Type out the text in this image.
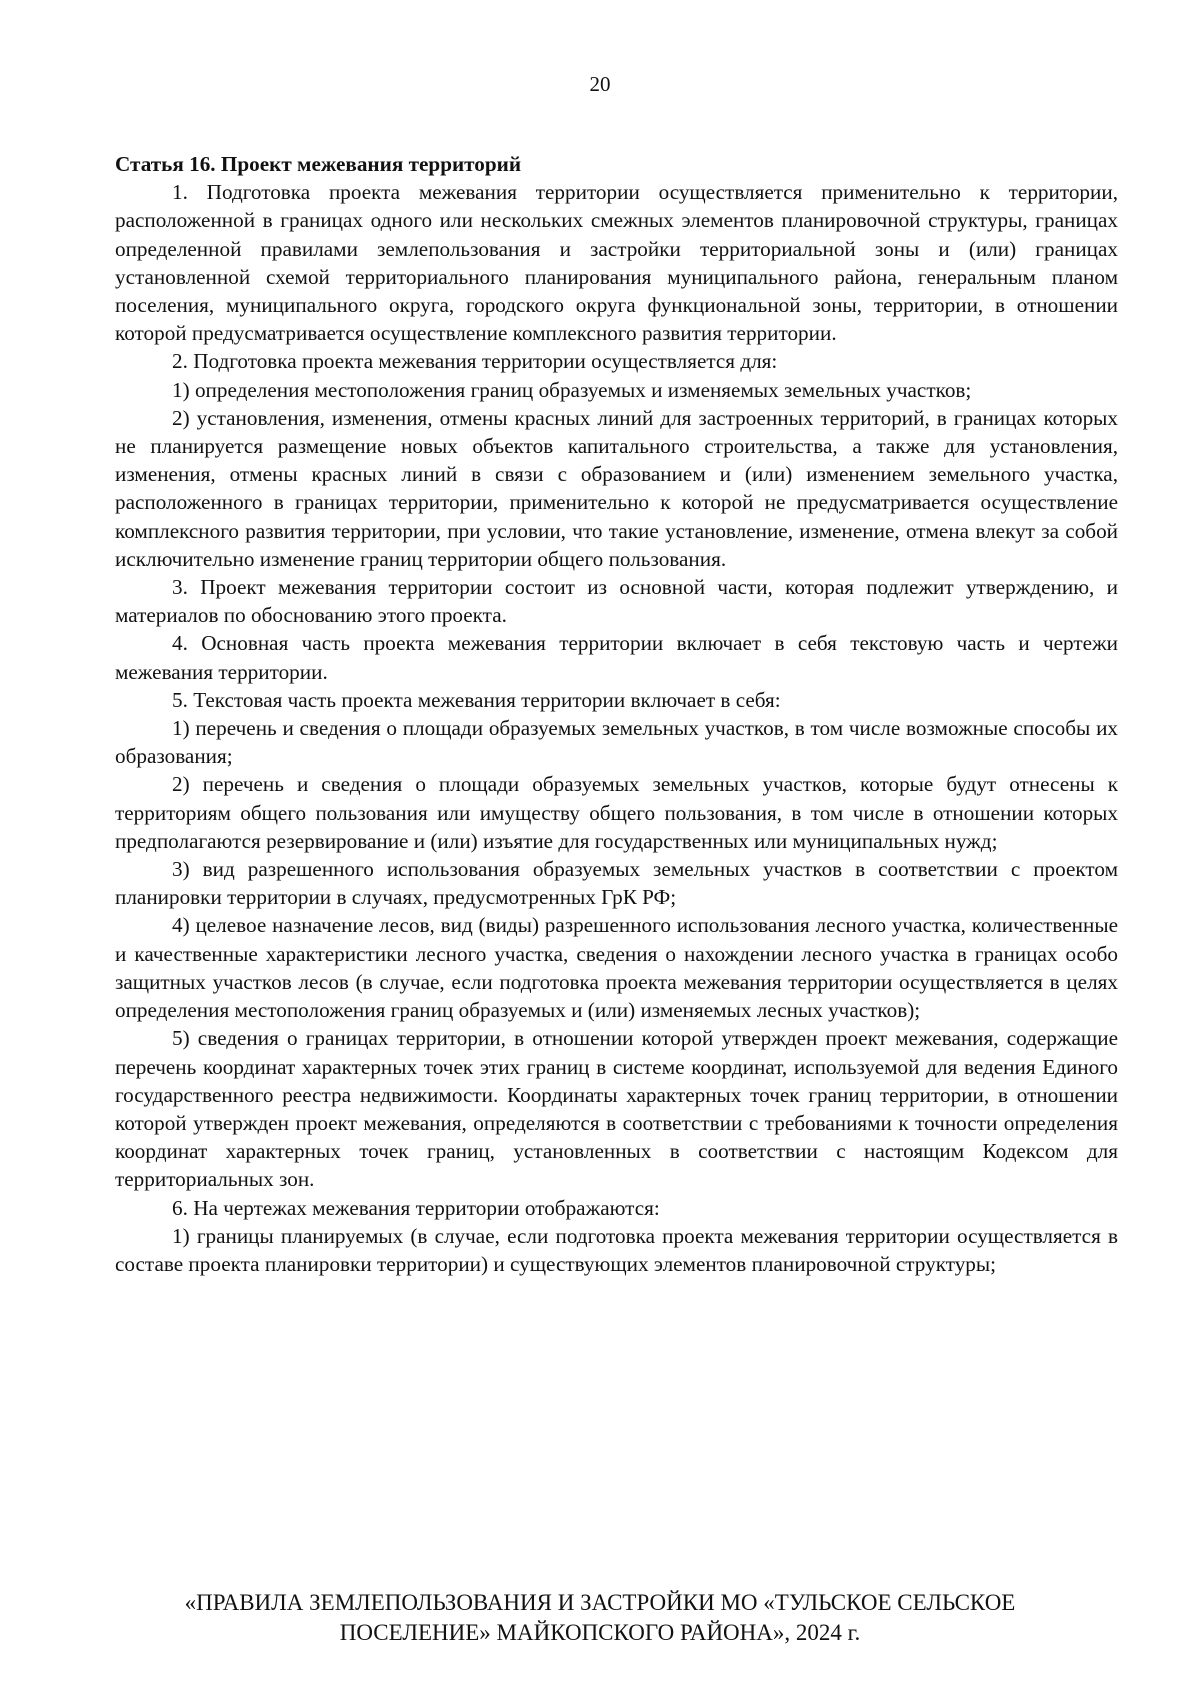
20

Статья 16. Проект межевания территорий

1. Подготовка проекта межевания территории осуществляется применительно к территории, расположенной в границах одного или нескольких смежных элементов планировочной структуры, границах определенной правилами землепользования и застройки территориальной зоны и (или) границах установленной схемой территориального планирования муниципального района, генеральным планом поселения, муниципального округа, городского округа функциональной зоны, территории, в отношении которой предусматривается осуществление комплексного развития территории.

2. Подготовка проекта межевания территории осуществляется для:

1) определения местоположения границ образуемых и изменяемых земельных участков;

2) установления, изменения, отмены красных линий для застроенных территорий, в границах которых не планируется размещение новых объектов капитального строительства, а также для установления, изменения, отмены красных линий в связи с образованием и (или) изменением земельного участка, расположенного в границах территории, применительно к которой не предусматривается осуществление комплексного развития территории, при условии, что такие установление, изменение, отмена влекут за собой исключительно изменение границ территории общего пользования.

3. Проект межевания территории состоит из основной части, которая подлежит утверждению, и материалов по обоснованию этого проекта.

4. Основная часть проекта межевания территории включает в себя текстовую часть и чертежи межевания территории.

5. Текстовая часть проекта межевания территории включает в себя:

1) перечень и сведения о площади образуемых земельных участков, в том числе возможные способы их образования;

2) перечень и сведения о площади образуемых земельных участков, которые будут отнесены к территориям общего пользования или имуществу общего пользования, в том числе в отношении которых предполагаются резервирование и (или) изъятие для государственных или муниципальных нужд;

3) вид разрешенного использования образуемых земельных участков в соответствии с проектом планировки территории в случаях, предусмотренных ГрК РФ;

4) целевое назначение лесов, вид (виды) разрешенного использования лесного участка, количественные и качественные характеристики лесного участка, сведения о нахождении лесного участка в границах особо защитных участков лесов (в случае, если подготовка проекта межевания территории осуществляется в целях определения местоположения границ образуемых и (или) изменяемых лесных участков);

5) сведения о границах территории, в отношении которой утвержден проект межевания, содержащие перечень координат характерных точек этих границ в системе координат, используемой для ведения Единого государственного реестра недвижимости. Координаты характерных точек границ территории, в отношении которой утвержден проект межевания, определяются в соответствии с требованиями к точности определения координат характерных точек границ, установленных в соответствии с настоящим Кодексом для территориальных зон.

6. На чертежах межевания территории отображаются:

1) границы планируемых (в случае, если подготовка проекта межевания территории осуществляется в составе проекта планировки территории) и существующих элементов планировочной структуры;

«ПРАВИЛА ЗЕМЛЕПОЛЬЗОВАНИЯ И ЗАСТРОЙКИ МО «ТУЛЬСКОЕ СЕЛЬСКОЕ
ПОСЕЛЕНИЕ» МАЙКОПСКОГО РАЙОНА», 2024 г.
